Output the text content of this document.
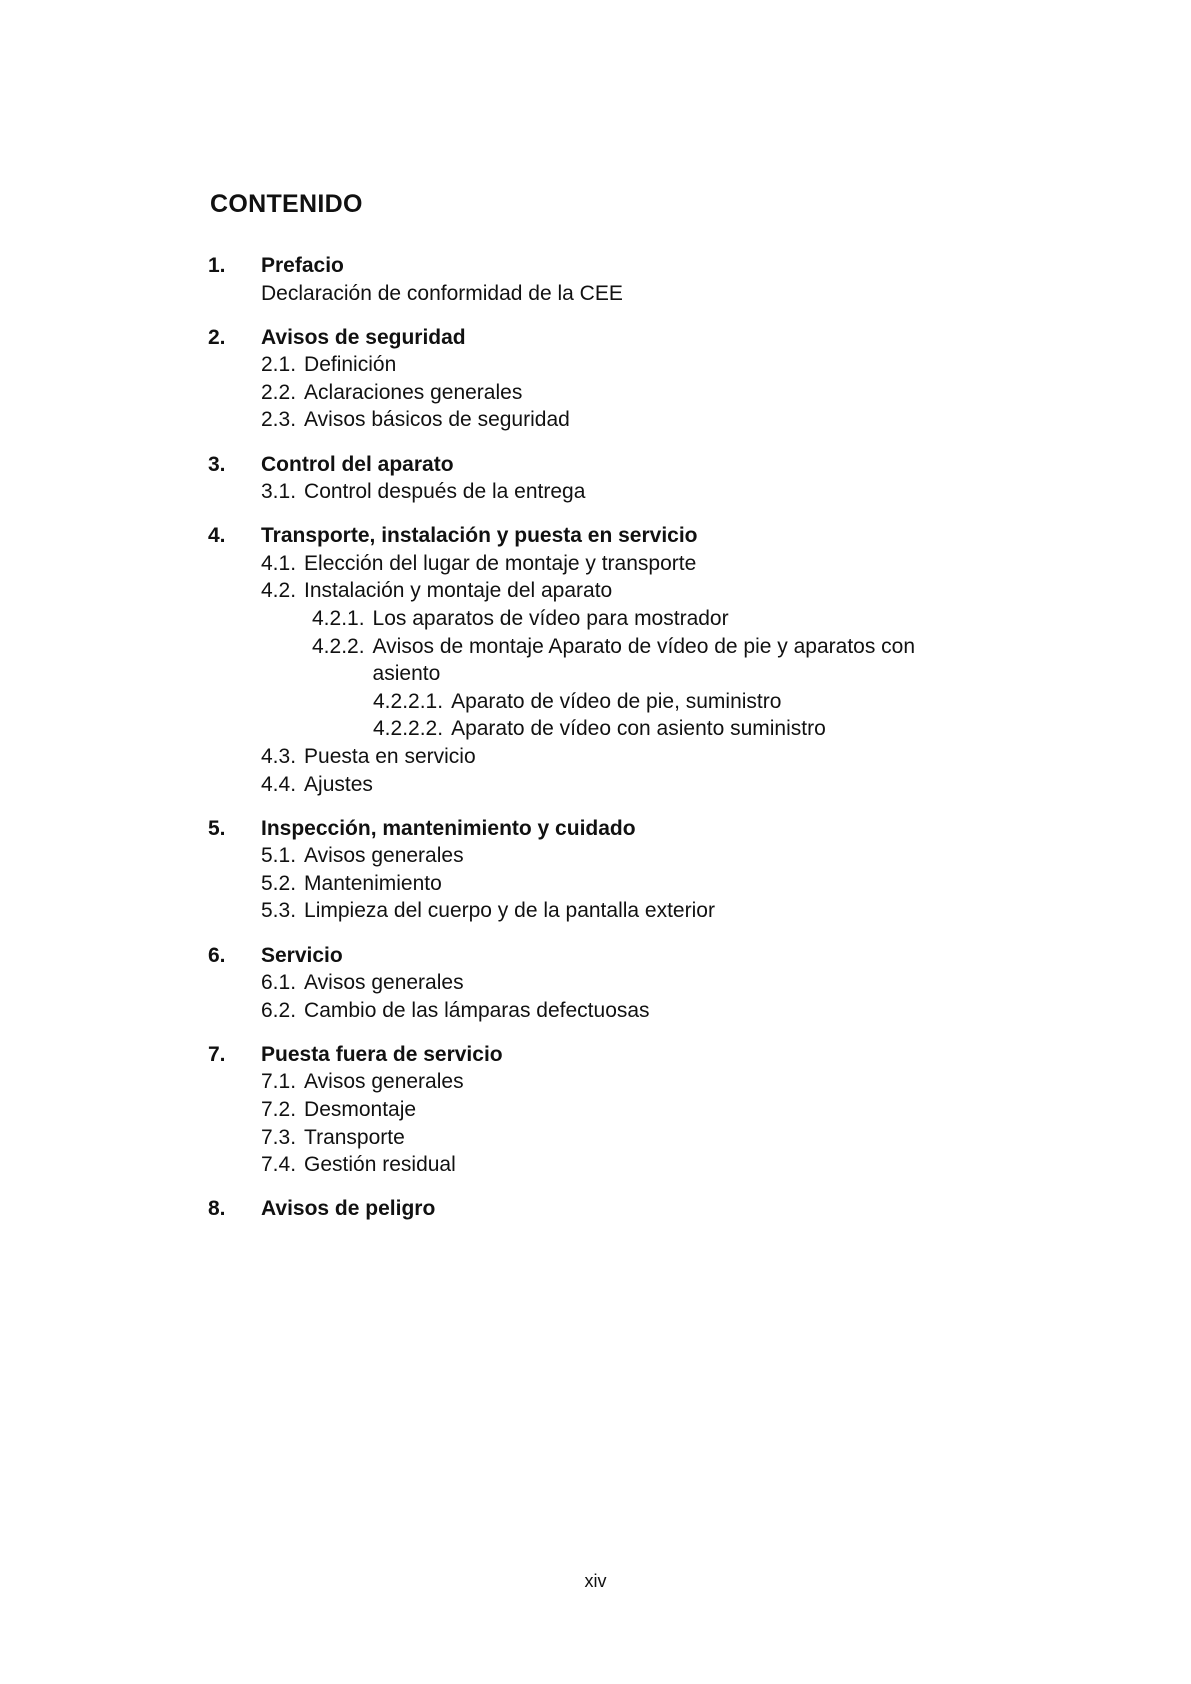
CONTENIDO
1.	Prefacio
Declaración de conformidad de la CEE
2.	Avisos de seguridad
2.1. Definición
2.2. Aclaraciones generales
2.3. Avisos básicos de seguridad
3.	Control del aparato
3.1. Control después de la entrega
4.	Transporte, instalación y puesta en servicio
4.1. Elección del lugar de montaje y transporte
4.2. Instalación y montaje del aparato
4.2.1. Los aparatos de vídeo para mostrador
4.2.2. Avisos de montaje Aparato de vídeo de pie y aparatos con asiento
4.2.2.1. Aparato de vídeo de pie, suministro
4.2.2.2. Aparato de vídeo con asiento suministro
4.3. Puesta en servicio
4.4. Ajustes
5.	Inspección, mantenimiento y cuidado
5.1. Avisos generales
5.2. Mantenimiento
5.3. Limpieza del cuerpo y de la pantalla exterior
6.	Servicio
6.1. Avisos generales
6.2. Cambio de las lámparas defectuosas
7.	Puesta fuera de servicio
7.1. Avisos generales
7.2. Desmontaje
7.3. Transporte
7.4. Gestión residual
8.	Avisos de peligro

xiv
